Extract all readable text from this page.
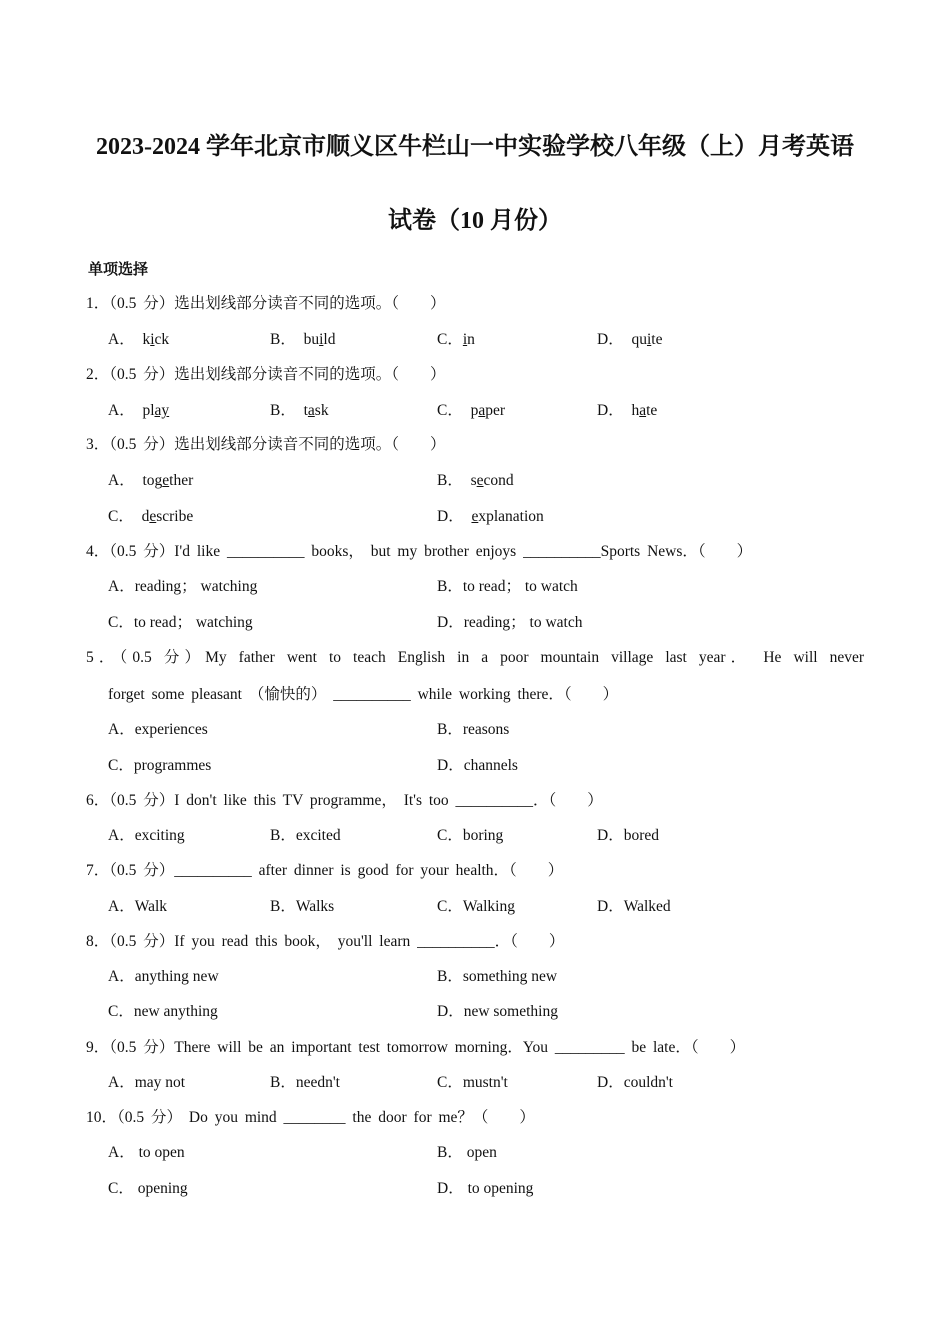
2023-2024 学年北京市顺义区牛栏山一中实验学校八年级（上）月考英语
试卷（10 月份）
单项选择
1．（0.5 分）选出划线部分读音不同的选项。（　　）
A． kick	B． build	C．in	D． quite
2．（0.5 分）选出划线部分读音不同的选项。（　　）
A． play	B． task	C． paper	D． hate
3．（0.5 分）选出划线部分读音不同的选项。（　　）
A． together	B． second
C． describe	D． explanation
4．（0.5 分）I'd like __________ books， but my brother enjoys __________Sports News．（　　）
A．reading； watching	B．to read； to watch
C．to read； watching	D．reading； to watch
5．（0.5 分）My father went to teach English in a poor mountain village last year． He will never
forget some pleasant （愉快的） __________ while working there．（　　）
A．experiences	B．reasons
C．programmes	D．channels
6．（0.5 分）I don't like this TV programme， It's too __________．（　　）
A．exciting	B．excited	C．boring	D．bored
7．（0.5 分）__________ after dinner is good for your health．（　　）
A．Walk	B．Walks	C．Walking	D．Walked
8．（0.5 分）If you read this book， you'll learn __________．（　　）
A．anything new	B．something new
C．new anything	D．new something
9．（0.5 分）There will be an important test tomorrow morning．You _________ be late．（　　）
A．may not	B．needn't	C．mustn't	D．couldn't
10．（0.5 分） Do you mind ________ the door for me？（　　）
A． to open	B． open
C． opening	D． to opening
